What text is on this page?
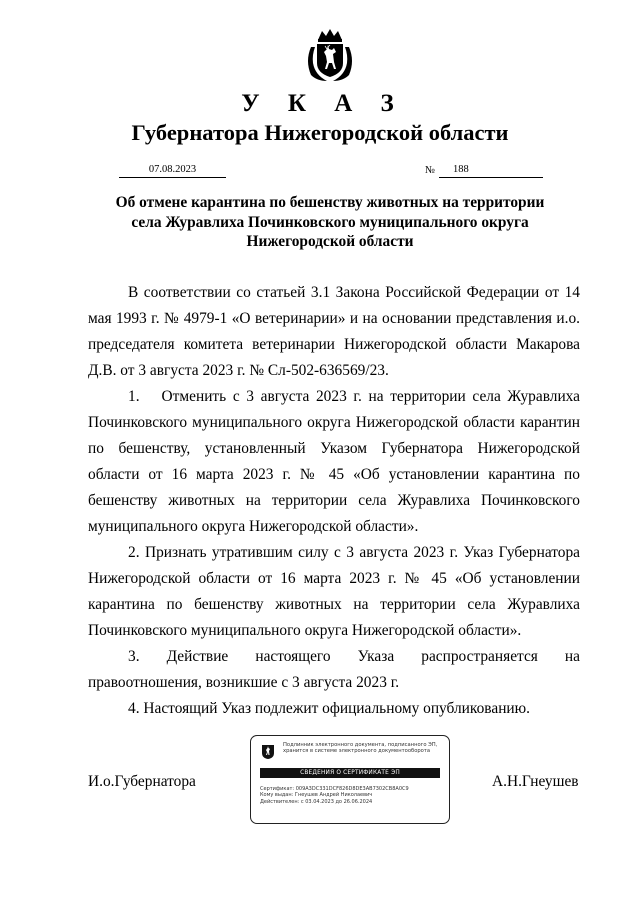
У К А З
Губернатора Нижегородской области
07.08.2023	№	188
Об отмене карантина по бешенству животных на территории
села Журавлиха Починковского муниципального округа
Нижегородской области

В соответствии со статьей 3.1 Закона Российской Федерации от 14 мая 1993 г. № 4979-1 «О ветеринарии» и на основании представления и.о. председателя комитета ветеринарии Нижегородской области Макарова Д.В. от 3 августа 2023 г. № Сл-502-636569/23.

1. Отменить с 3 августа 2023 г. на территории села Журавлиха Починковского муниципального округа Нижегородской области карантин по бешенству, установленный Указом Губернатора Нижегородской области от 16 марта 2023 г. № 45 «Об установлении карантина по бешенству животных на территории села Журавлиха Починковского муниципального округа Нижегородской области».

2. Признать утратившим силу с 3 августа 2023 г. Указ Губернатора Нижегородской области от 16 марта 2023 г. № 45 «Об установлении карантина по бешенству животных на территории села Журавлиха Починковского муниципального округа Нижегородской области».

3. Действие настоящего Указа распространяется на правоотношения, возникшие с 3 августа 2023 г.

4. Настоящий Указ подлежит официальному опубликованию.

И.о.Губернатора	А.Н.Гнеушев
Подлинник электронного документа, подписанного ЭП,
хранится в системе электронного документооборота
СВЕДЕНИЯ О СЕРТИФИКАТЕ ЭП
Сертификат: 009A3DC331DCF826D8DE3AB7302CB8A0C9
Кому выдан: Гнеушев Андрей Николаевич
Действителен: с 03.04.2023 до 26.06.2024
